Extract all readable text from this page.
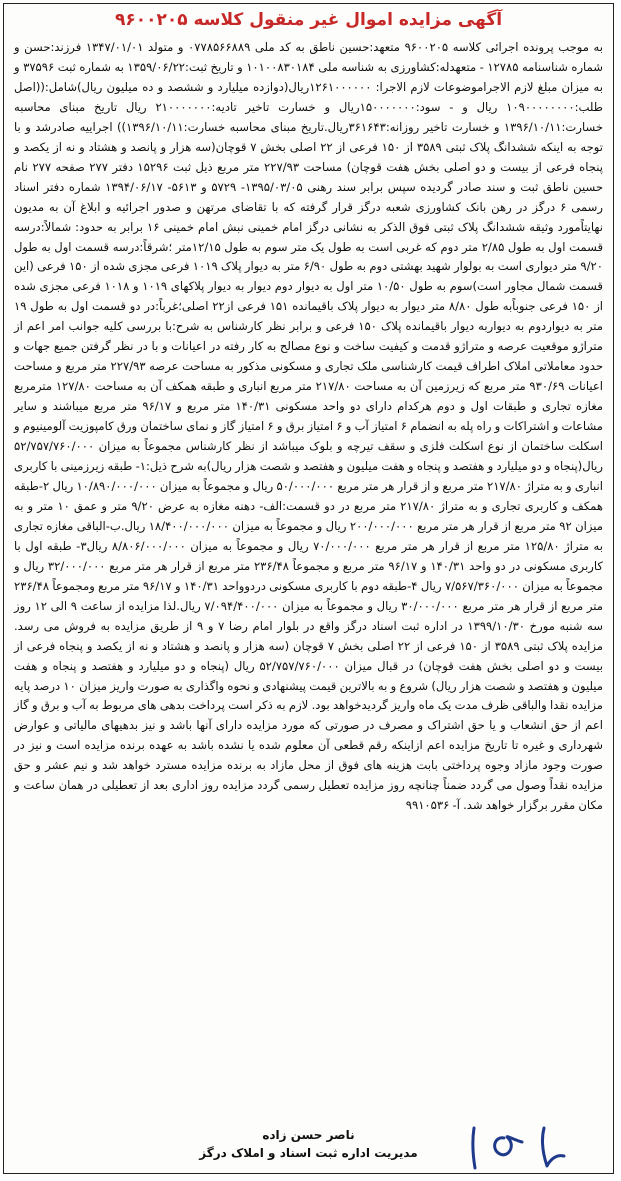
آگهی مزایده اموال غیر منقول کلاسه ۹۶۰۰۲۰۵
به موجب پرونده اجرائی کلاسه ۹۶۰۰۲۰۵ متعهد:حسین ناطق به کد ملی ۰۷۷۸۵۶۶۸۸۹ و متولد ۱۳۴۷/۰۱/۰۱ فرزند:حسن و شماره شناسنامه ۱۲۷۸۵ - متعهدله:کشاورزی به شناسه ملی ۱۰۱۰۰۸۳۰۱۸۴ و تاریخ ثبت:۱۳۵۹/۰۶/۲۲ به شماره ثبت ۳۷۵۹۶ و به میزان مبلغ لازم الاجراموضوعات لازم الاجرا: ۱۲۶۱۰۰۰۰۰۰ریال(دوازده میلیارد و ششصد و ده میلیون ریال)شامل:((اصل طلب:۱۰۹۰۰۰۰۰۰۰۰ ریال و - سود:۱۵۰۰۰۰۰۰۰ریال و خسارت تاخیر تادیه:۲۱۰۰۰۰۰۰۰ ریال تاریخ مبنای محاسبه خسارت:۱۳۹۶/۱۰/۱۱ و خسارت تاخیر روزانه:۳۶۱۶۴۳ریال.تاریخ مبنای محاسبه خسارت:۱۳۹۶/۱۰/۱۱)) اجراییه صادرشد و با توجه به اینکه ششدانگ پلاک ثبتی ۳۵۸۹ از ۱۵۰ فرعی از ۲۲ اصلی بخش ۷ قوچان(سه هزار و پانصد و هشتاد و نه از یکصد و پنجاه فرعی از بیست و دو اصلی بخش هفت قوچان) مساحت ۲۲۷/۹۳ متر مربع ذیل ثبت ۱۵۲۹۶ دفتر ۲۷۷ صفحه ۲۷۷ نام حسین ناطق ثبت و سند صادر گردیده سپس برابر سند رهنی ۱۳۹۵/۰۳/۰۵- ۵۷۲۹ و ۵۶۱۳- ۱۳۹۴/۰۶/۱۷ شماره دفتر اسناد رسمی ۶ درگز در رهن بانک کشاورزی شعبه درگز قرار گرفته که با تقاضای مرتهن و صدور اجرائیه و ابلاغ آن به مدیون نهایتاًمورد وثیقه ششدانگ پلاک ثبتی فوق الذکر به نشانی درگز امام خمینی نبش امام خمینی ۱۶ برابر به حدود: شمالاً:درسه قسمت اول به طول ۲/۸۵ متر دوم که غربی است به طول یک متر سوم به طول ۱۲/۱۵متر ؛شرقاً:درسه قسمت اول به طول ۹/۲۰ متر دیواری است به بولوار شهید بهشتی دوم به طول ۶/۹۰ متر به دیوار پلاک ۱۰۱۹ فرعی مجزی شده از ۱۵۰ فرعی (این قسمت شمال مجاور است)سوم به طول ۱۰/۵۰ متر اول به دیوار دوم دیوار به دیوار پلاکهای ۱۰۱۹ و ۱۰۱۸ فرعی مجزی شده از ۱۵۰ فرعی جنوباًبه طول ۸/۸۰ متر دیوار به دیوار پلاک باقیمانده ۱۵۱ فرعی از۲۲ اصلی؛غرباً:در دو قسمت اول به طول ۱۹ متر به دیواردوم به دیواربه دیوار باقیمانده پلاک ۱۵۰ فرعی و برابر نظر کارشناس به شرح:با بررسی کلیه جوانب امر اعم از متراژو موقعیت عرصه و متراژو قدمت و کیفیت ساخت و نوع مصالح به کار رفته در اعیانات و با در نظر گرفتن جمیع جهات و حدود معاملاتی املاک اطراف قیمت کارشناسی ملک تجاری و مسکونی مذکور به مساحت عرصه ۲۲۷/۹۳ متر مربع و مساحت اعیانات ۹۳۰/۶۹ متر مربع که زیرزمین آن به مساحت ۲۱۷/۸۰ متر مربع انباری و طبقه همکف آن به مساحت ۱۲۷/۸۰ مترمربع مغازه تجاری و طبقات اول و دوم هرکدام دارای دو واحد مسکونی ۱۴۰/۳۱ متر مربع و ۹۶/۱۷ متر مربع میباشند و سایر مشاعات و اشتراکات و راه پله به انضمام ۶ امتیاز آب و ۶ امتیاز برق و ۶ امتیاز گاز و نمای ساختمان ورق کامپوزیت آلومینیوم و اسکلت ساختمان از نوع اسکلت فلزی و سقف تیرچه و بلوک میباشد از نظر کارشناس مجموعاً به میزان ۵۲/۷۵۷/۷۶۰/۰۰۰ ریال(پنجاه و دو میلیارد و هفتصد و پنجاه و هفت میلیون و هفتصد و شصت هزار ریال)به شرح ذیل:۱- طبقه زیرزمینی با کاربری انباری و به متراژ ۲۱۷/۸۰ متر مربع و از قرار هر متر مربع ۵۰/۰۰۰/۰۰۰ ریال و مجموعاً به میزان ۱۰/۸۹۰/۰۰۰/۰۰۰ ریال ۲-طبقه همکف و کاربری تجاری و به متراژ ۲۱۷/۸۰ متر مربع در دو قسمت:الف- دهنه مغازه به عرض ۹/۲۰ متر و عمق ۱۰ متر و به میزان ۹۲ متر مربع از قرار هر متر مربع ۲۰۰/۰۰۰/۰۰۰ ریال و مجموعاً به میزان ۱۸/۴۰۰/۰۰۰/۰۰۰ ریال.ب-الباقی مغازه تجاری به متراژ ۱۲۵/۸۰ متر مربع از قرار هر متر مربع ۷۰/۰۰۰/۰۰۰ ریال و مجموعاً به میزان ۸/۸۰۶/۰۰۰/۰۰۰ ریال۳- طبقه اول با کاربری مسکونی در دو واحد ۱۴۰/۳۱ و ۹۶/۱۷ متر مربع و مجموعاً ۲۳۶/۴۸ متر مربع از قرار هر متر مربع ۳۲/۰۰۰/۰۰۰ ریال و مجموعاً به میزان ۷/۵۶۷/۳۶۰/۰۰۰ ریال ۴-طبقه دوم با کاربری مسکونی دردوواحد ۱۴۰/۳۱ و ۹۶/۱۷ متر مربع ومجموعاً ۲۳۶/۴۸ متر مربع از قرار هر متر مربع ۳۰/۰۰۰/۰۰۰ ریال و مجموعاً به میزان ۷/۰۹۴/۴۰۰/۰۰۰ ریال.لذا مزایده از ساعت ۹ الی ۱۲ روز سه شنبه مورخ ۱۳۹۹/۱۰/۳۰ در اداره ثبت اسناد درگز واقع در بلوار امام رضا ۷ و ۹ از طریق مزایده به فروش می رسد. مزایده پلاک ثبتی ۳۵۸۹ از ۱۵۰ فرعی از ۲۲ اصلی بخش ۷ قوچان (سه هزار و پانصد و هشتاد و نه از یکصد و پنجاه فرعی از بیست و دو اصلی بخش هفت قوچان) در قبال میزان ۵۲/۷۵۷/۷۶۰/۰۰۰ ریال (پنجاه و دو میلیارد و هفتصد و پنجاه و هفت میلیون و هفتصد و شصت هزار ریال) شروع و به بالاترین قیمت پیشنهادی و نحوه واگذاری به صورت واریز میزان ۱۰ درصد پایه مزایده نقدا والباقی ظرف مدت یک ماه واریز گردیدخواهد بود. لازم به ذکر است پرداخت بدهی های مربوط به آب و برق و گاز اعم از حق انشعاب و یا حق اشتراک و مصرف در صورتی که مورد مزایده دارای آنها باشد و نیز بدهیهای مالیاتی و عوارض شهرداری و غیره تا تاریخ مزایده اعم ازاینکه رقم قطعی آن معلوم شده یا نشده باشد به عهده برنده مزایده است و نیز در صورت وجود مازاد وجوه پرداختی بابت هزینه های فوق از محل مازاد به برنده مزایده مسترد خواهد شد و نیم عشر و حق مزایده نقداً وصول می گردد ضمناً چنانچه روز مزایده تعطیل رسمی گردد مزایده روز اداری بعد از تعطیلی در همان ساعت و مکان مقرر برگزار خواهد شد. آ- ۹۹۱۰۵۳۶
ناصر حسن زاده
مدیریت اداره ثبت اسناد و املاک درگز
